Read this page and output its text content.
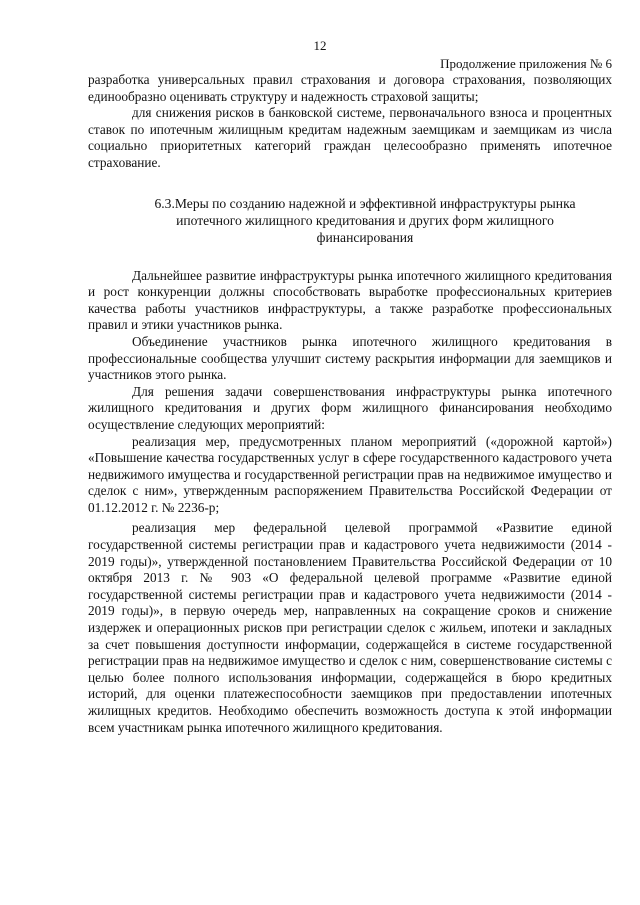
12
Продолжение приложения № 6

разработка универсальных правил страхования и договора страхования, позволяющих единообразно оценивать структуру и надежность страховой защиты;

для снижения рисков в банковской системе, первоначального взноса и процентных ставок по ипотечным жилищным кредитам надежным заемщикам и заемщикам из числа социально приоритетных категорий граждан целесообразно применять ипотечное страхование.

6.3.Меры по созданию надежной и эффективной инфраструктуры рынка
ипотечного жилищного кредитования и других форм жилищного
финансирования

Дальнейшее развитие инфраструктуры рынка ипотечного жилищного кредитования и рост конкуренции должны способствовать выработке профессиональных критериев качества работы участников инфраструктуры, а также разработке профессиональных правил и этики участников рынка.

Объединение участников рынка ипотечного жилищного кредитования в профессиональные сообщества улучшит систему раскрытия информации для заемщиков и участников этого рынка.

Для решения задачи совершенствования инфраструктуры рынка ипотечного жилищного кредитования и других форм жилищного финансирования необходимо осуществление следующих мероприятий:

реализация мер, предусмотренных планом мероприятий («дорожной картой») «Повышение качества государственных услуг в сфере государственного кадастрового учета недвижимого имущества и государственной регистрации прав на недвижимое имущество и сделок с ним», утвержденным распоряжением Правительства Российской Федерации от 01.12.2012 г. № 2236-р;

реализация мер федеральной целевой программой «Развитие единой государственной системы регистрации прав и кадастрового учета недвижимости (2014 - 2019 годы)», утвержденной постановлением Правительства Российской Федерации от 10 октября 2013 г. № 903 «О федеральной целевой программе «Развитие единой государственной системы регистрации прав и кадастрового учета недвижимости (2014 - 2019 годы)», в первую очередь мер, направленных на сокращение сроков и снижение издержек и операционных рисков при регистрации сделок с жильем, ипотеки и закладных за счет повышения доступности информации, содержащейся в системе государственной регистрации прав на недвижимое имущество и сделок с ним, совершенствование системы с целью более полного использования информации, содержащейся в бюро кредитных историй, для оценки платежеспособности заемщиков при предоставлении ипотечных жилищных кредитов. Необходимо обеспечить возможность доступа к этой информации всем участникам рынка ипотечного жилищного кредитования.
